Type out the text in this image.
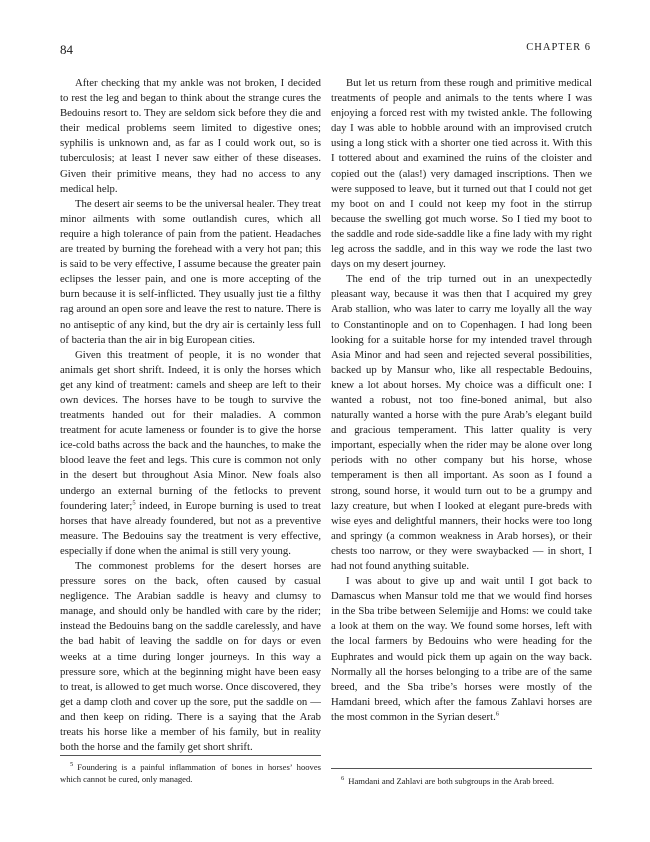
84	CHAPTER 6

After checking that my ankle was not broken, I decided to rest the leg and began to think about the strange cures the Bedouins resort to. They are seldom sick before they die and their medical problems seem limited to digestive ones; syphilis is unknown and, as far as I could work out, so is tuberculosis; at least I never saw either of these diseases. Given their primitive means, they had no access to any medical help.

The desert air seems to be the universal healer. They treat minor ailments with some outlandish cures, which all require a high tolerance of pain from the patient. Headaches are treated by burning the forehead with a very hot pan; this is said to be very effective, I assume because the greater pain eclipses the lesser pain, and one is more accepting of the burn because it is self-inflicted. They usually just tie a filthy rag around an open sore and leave the rest to nature. There is no antiseptic of any kind, but the dry air is certainly less full of bacteria than the air in big European cities.

Given this treatment of people, it is no wonder that animals get short shrift. Indeed, it is only the horses which get any kind of treatment: camels and sheep are left to their own devices. The horses have to be tough to survive the treatments handed out for their maladies. A common treatment for acute lameness or founder is to give the horse ice-cold baths across the back and the haunches, to make the blood leave the feet and legs. This cure is common not only in the desert but throughout Asia Minor. New foals also undergo an external burning of the fetlocks to prevent foundering later;$^5$ indeed, in Europe burning is used to treat horses that have already foundered, but not as a preventive measure. The Bedouins say the treatment is very effective, especially if done when the animal is still very young.

The commonest problems for the desert horses are pressure sores on the back, often caused by casual negligence. The Arabian saddle is heavy and clumsy to manage, and should only be handled with care by the rider; instead the Bedouins bang on the saddle carelessly, and have the bad habit of leaving the saddle on for days or even weeks at a time during longer journeys. In this way a pressure sore, which at the beginning might have been easy to treat, is allowed to get much worse. Once discovered, they get a damp cloth and cover up the sore, put the saddle on — and then keep on riding. There is a saying that the Arab treats his horse like a member of his family, but in reality both the horse and the family get short shrift.

But let us return from these rough and primitive medical treatments of people and animals to the tents where I was enjoying a forced rest with my twisted ankle. The following day I was able to hobble around with an improvised crutch using a long stick with a shorter one tied across it. With this I tottered about and examined the ruins of the cloister and copied out the (alas!) very damaged inscriptions. Then we were supposed to leave, but it turned out that I could not get my boot on and I could not keep my foot in the stirrup because the swelling got much worse. So I tied my boot to the saddle and rode side-saddle like a fine lady with my right leg across the saddle, and in this way we rode the last two days on my desert journey.

The end of the trip turned out in an unexpectedly pleasant way, because it was then that I acquired my grey Arab stallion, who was later to carry me loyally all the way to Constantinople and on to Copenhagen. I had long been looking for a suitable horse for my intended travel through Asia Minor and had seen and rejected several possibilities, backed up by Mansur who, like all respectable Bedouins, knew a lot about horses. My choice was a difficult one: I wanted a robust, not too fine-boned animal, but also naturally wanted a horse with the pure Arab’s elegant build and gracious temperament. This latter quality is very important, especially when the rider may be alone over long periods with no other company but his horse, whose temperament is then all important. As soon as I found a strong, sound horse, it would turn out to be a grumpy and lazy creature, but when I looked at elegant pure-breds with wise eyes and delightful manners, their hocks were too long and springy (a common weakness in Arab horses), or their chests too narrow, or they were swaybacked — in short, I had not found anything suitable.

I was about to give up and wait until I got back to Damascus when Mansur told me that we would find horses in the Sba tribe between Selemijje and Homs: we could take a look at them on the way. We found some horses, left with the local farmers by Bedouins who were heading for the Euphrates and would pick them up again on the way back. Normally all the horses belonging to a tribe are of the same breed, and the Sba tribe’s horses were mostly of the Hamdani breed, which after the famous Zahlavi horses are the most common in the Syrian desert.$^6$

$^5$ Foundering is a painful inflammation of bones in horses’ hooves which cannot be cured, only managed.	$^6$ Hamdani and Zahlavi are both subgroups in the Arab breed.
